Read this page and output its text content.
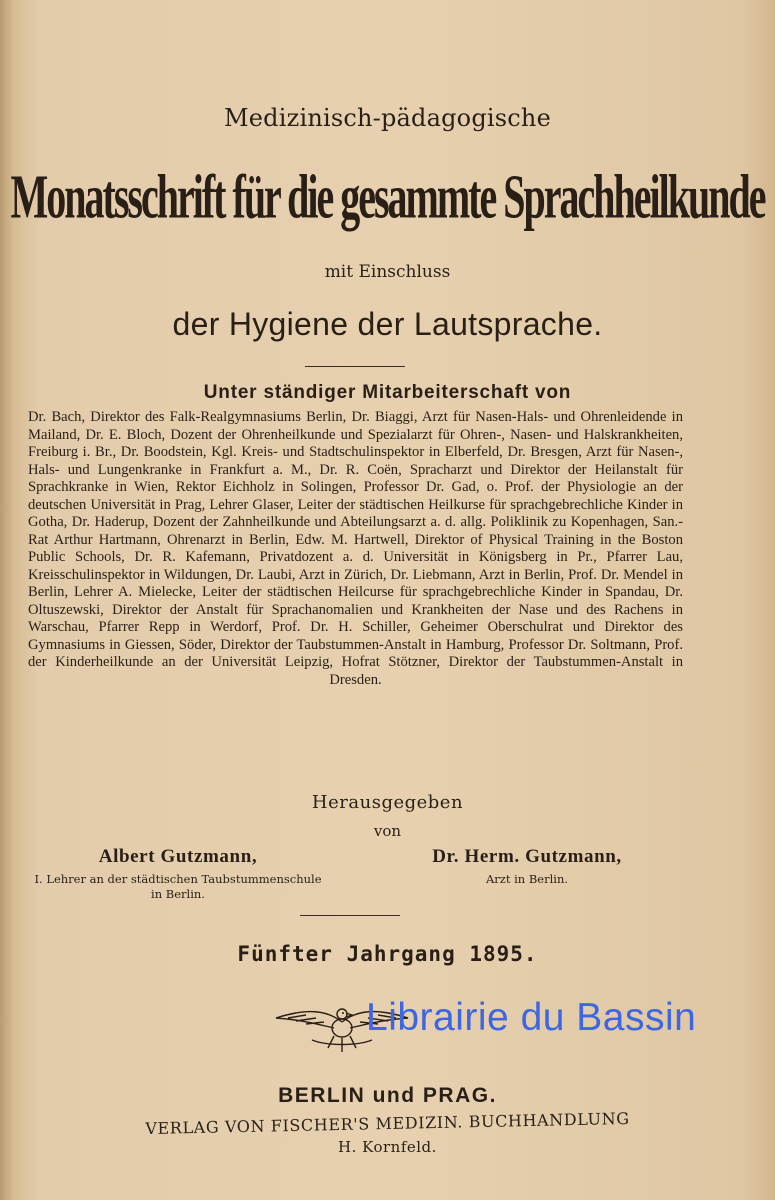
Medizinisch-pädagogische
Monatsschrift für die gesammte Sprachheilkunde
mit Einschluss
der Hygiene der Lautsprache.
Unter ständiger Mitarbeiterschaft von
Dr. Bach, Direktor des Falk-Realgymnasiums Berlin, Dr. Biaggi, Arzt für Nasen-Hals- und Ohrenleidende in Mailand, Dr. E. Bloch, Dozent der Ohrenheilkunde und Spezialarzt für Ohren-, Nasen- und Halskrankheiten, Freiburg i. Br., Dr. Boodstein, Kgl. Kreis- und Stadtschulinspektor in Elberfeld, Dr. Bresgen, Arzt für Nasen-, Hals- und Lungenkranke in Frankfurt a. M., Dr. R. Coën, Spracharzt und Direktor der Heilanstalt für Sprachkranke in Wien, Rektor Eichholz in Solingen, Professor Dr. Gad, o. Prof. der Physiologie an der deutschen Universität in Prag, Lehrer Glaser, Leiter der städtischen Heilkurse für sprachgebrechliche Kinder in Gotha, Dr. Haderup, Dozent der Zahnheilkunde und Abteilungsarzt a. d. allg. Poliklinik zu Kopenhagen, San.-Rat Arthur Hartmann, Ohrenarzt in Berlin, Edw. M. Hartwell, Direktor of Physical Training in the Boston Public Schools, Dr. R. Kafemann, Privatdozent a. d. Universität in Königsberg in Pr., Pfarrer Lau, Kreisschulinspektor in Wildungen, Dr. Laubi, Arzt in Zürich, Dr. Liebmann, Arzt in Berlin, Prof. Dr. Mendel in Berlin, Lehrer A. Mielecke, Leiter der städtischen Heilcurse für sprachgebrechliche Kinder in Spandau, Dr. Oltuszewski, Direktor der Anstalt für Sprachanomalien und Krankheiten der Nase und des Rachens in Warschau, Pfarrer Repp in Werdorf, Prof. Dr. H. Schiller, Geheimer Oberschulrat und Direktor des Gymnasiums in Giessen, Söder, Direktor der Taubstummen-Anstalt in Hamburg, Professor Dr. Soltmann, Prof. der Kinderheilkunde an der Universität Leipzig, Hofrat Stötzner, Direktor der Taubstummen-Anstalt in Dresden.
Herausgegeben
von
Albert Gutzmann,
I. Lehrer an der städtischen Taubstummenschule
in Berlin.
Dr. Herm. Gutzmann,
Arzt in Berlin.
Fünfter Jahrgang 1895.
Librairie du Bassin
BERLIN und PRAG.
VERLAG VON FISCHER'S MEDIZIN. BUCHHANDLUNG
H. Kornfeld.
